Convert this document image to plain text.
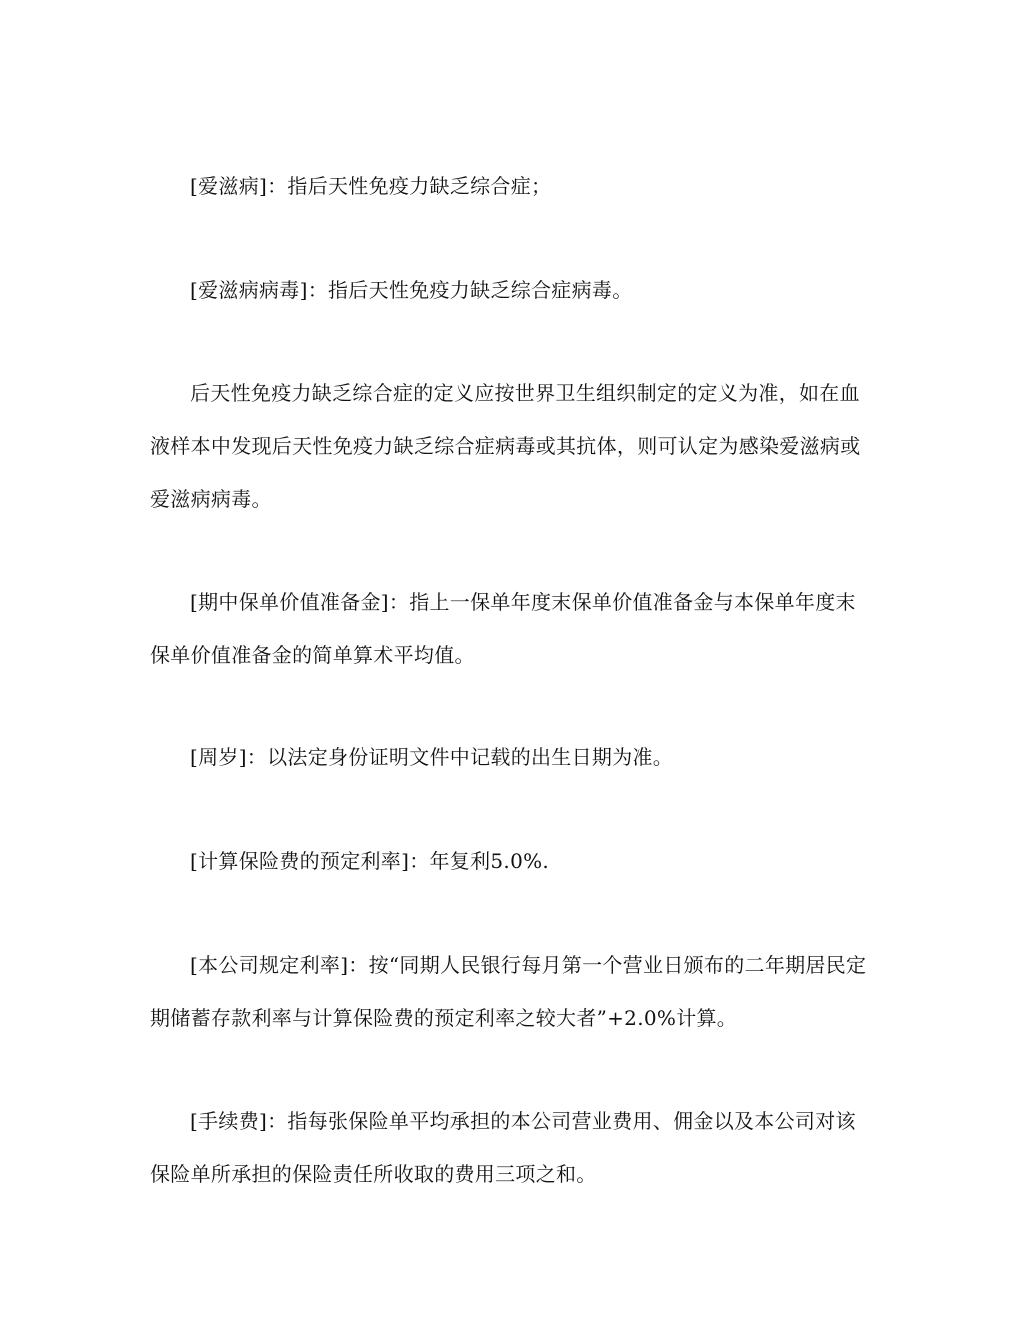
[爱滋病]：指后天性免疫力缺乏综合症；

[爱滋病病毒]：指后天性免疫力缺乏综合症病毒。

后天性免疫力缺乏综合症的定义应按世界卫生组织制定的定义为准，如在血液样本中发现后天性免疫力缺乏综合症病毒或其抗体，则可认定为感染爱滋病或爱滋病病毒。

[期中保单价值准备金]：指上一保单年度末保单价值准备金与本保单年度末保单价值准备金的简单算术平均值。

[周岁]：以法定身份证明文件中记载的出生日期为准。

[计算保险费的预定利率]：年复利5.0%.

[本公司规定利率]：按“同期人民银行每月第一个营业日颁布的二年期居民定期储蓄存款利率与计算保险费的预定利率之较大者”+2.0%计算。

[手续费]：指每张保险单平均承担的本公司营业费用、佣金以及本公司对该保险单所承担的保险责任所收取的费用三项之和。
